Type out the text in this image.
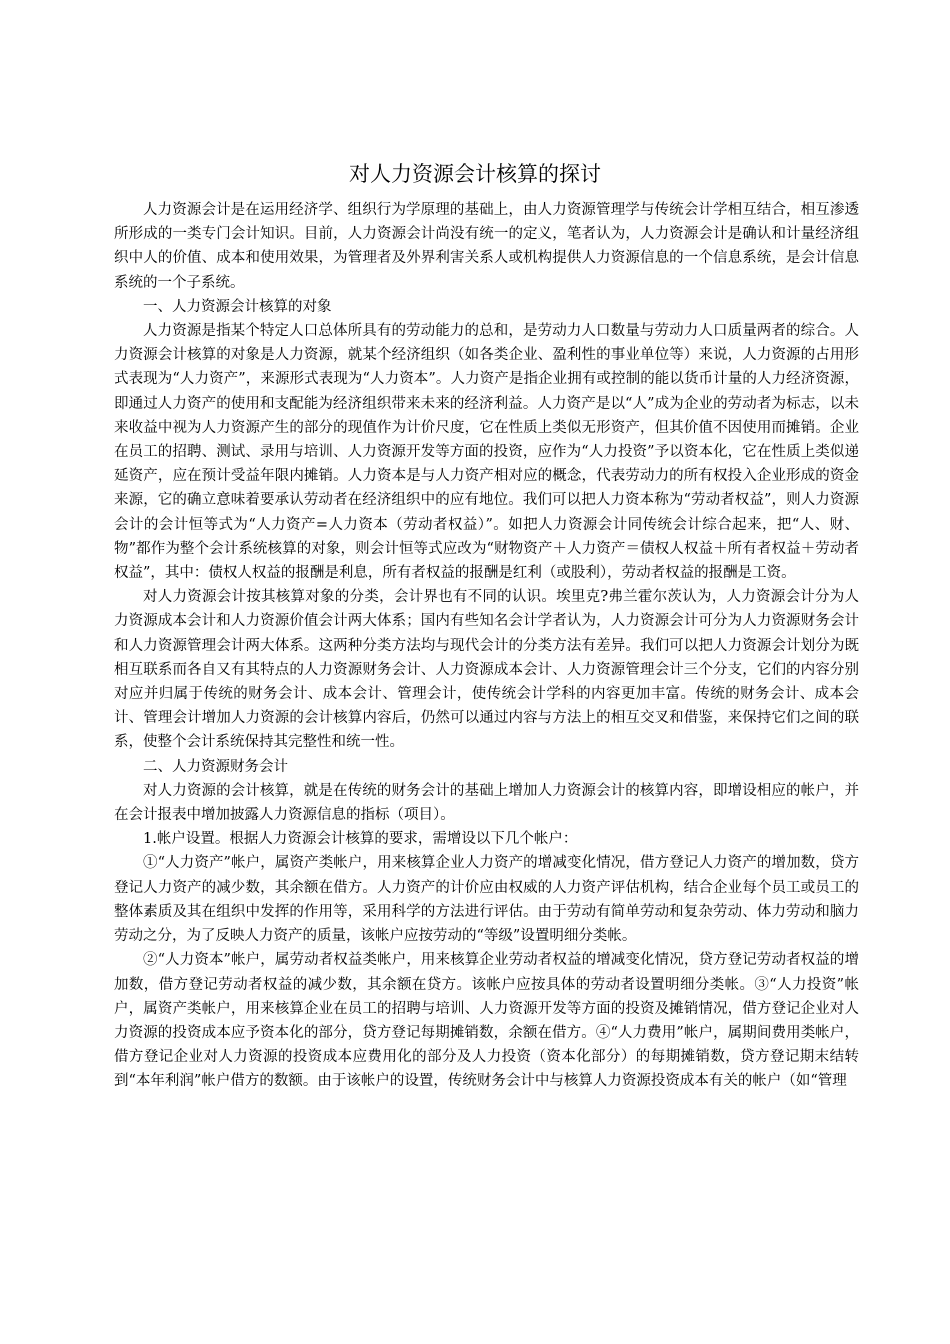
对人力资源会计核算的探讨

人力资源会计是在运用经济学、组织行为学原理的基础上，由人力资源管理学与传统会计学相互结合，相互渗透所形成的一类专门会计知识。目前，人力资源会计尚没有统一的定义，笔者认为，人力资源会计是确认和计量经济组织中人的价值、成本和使用效果，为管理者及外界利害关系人或机构提供人力资源信息的一个信息系统，是会计信息系统的一个子系统。

一、人力资源会计核算的对象

人力资源是指某个特定人口总体所具有的劳动能力的总和，是劳动力人口数量与劳动力人口质量两者的综合。人力资源会计核算的对象是人力资源，就某个经济组织（如各类企业、盈利性的事业单位等）来说，人力资源的占用形式表现为“人力资产”，来源形式表现为“人力资本”。人力资产是指企业拥有或控制的能以货币计量的人力经济资源，即通过人力资产的使用和支配能为经济组织带来未来的经济利益。人力资产是以“人”成为企业的劳动者为标志，以未来收益中视为人力资源产生的部分的现值作为计价尺度，它在性质上类似无形资产，但其价值不因使用而摊销。企业在员工的招聘、测试、录用与培训、人力资源开发等方面的投资，应作为“人力投资”予以资本化，它在性质上类似递延资产，应在预计受益年限内摊销。人力资本是与人力资产相对应的概念，代表劳动力的所有权投入企业形成的资金来源，它的确立意味着要承认劳动者在经济组织中的应有地位。我们可以把人力资本称为“劳动者权益”，则人力资源会计的会计恒等式为“人力资产=人力资本（劳动者权益）”。如把人力资源会计同传统会计综合起来，把“人、财、物”都作为整个会计系统核算的对象，则会计恒等式应改为“财物资产＋人力资产＝债权人权益＋所有者权益＋劳动者权益”，其中：债权人权益的报酬是利息，所有者权益的报酬是红利（或股利），劳动者权益的报酬是工资。

对人力资源会计按其核算对象的分类，会计界也有不同的认识。埃里克?弗兰霍尔茨认为，人力资源会计分为人力资源成本会计和人力资源价值会计两大体系；国内有些知名会计学者认为，人力资源会计可分为人力资源财务会计和人力资源管理会计两大体系。这两种分类方法均与现代会计的分类方法有差异。我们可以把人力资源会计划分为既相互联系而各自又有其特点的人力资源财务会计、人力资源成本会计、人力资源管理会计三个分支，它们的内容分别对应并归属于传统的财务会计、成本会计、管理会计，使传统会计学科的内容更加丰富。传统的财务会计、成本会计、管理会计增加人力资源的会计核算内容后，仍然可以通过内容与方法上的相互交叉和借鉴，来保持它们之间的联系，使整个会计系统保持其完整性和统一性。

二、人力资源财务会计

对人力资源的会计核算，就是在传统的财务会计的基础上增加人力资源会计的核算内容，即增设相应的帐户，并在会计报表中增加披露人力资源信息的指标（项目）。

1.帐户设置。根据人力资源会计核算的要求，需增设以下几个帐户：

①“人力资产”帐户，属资产类帐户，用来核算企业人力资产的增减变化情况，借方登记人力资产的增加数，贷方登记人力资产的减少数，其余额在借方。人力资产的计价应由权威的人力资产评估机构，结合企业每个员工或员工的整体素质及其在组织中发挥的作用等，采用科学的方法进行评估。由于劳动有简单劳动和复杂劳动、体力劳动和脑力劳动之分，为了反映人力资产的质量，该帐户应按劳动的“等级”设置明细分类帐。

②“人力资本”帐户，属劳动者权益类帐户，用来核算企业劳动者权益的增减变化情况，贷方登记劳动者权益的增加数，借方登记劳动者权益的减少数，其余额在贷方。该帐户应按具体的劳动者设置明细分类帐。③“人力投资”帐户，属资产类帐户，用来核算企业在员工的招聘与培训、人力资源开发等方面的投资及摊销情况，借方登记企业对人力资源的投资成本应予资本化的部分，贷方登记每期摊销数，余额在借方。④“人力费用”帐户，属期间费用类帐户，借方登记企业对人力资源的投资成本应费用化的部分及人力投资（资本化部分）的每期摊销数，贷方登记期末结转到“本年利润”帐户借方的数额。由于该帐户的设置，传统财务会计中与核算人力资源投资成本有关的帐户（如“管理
